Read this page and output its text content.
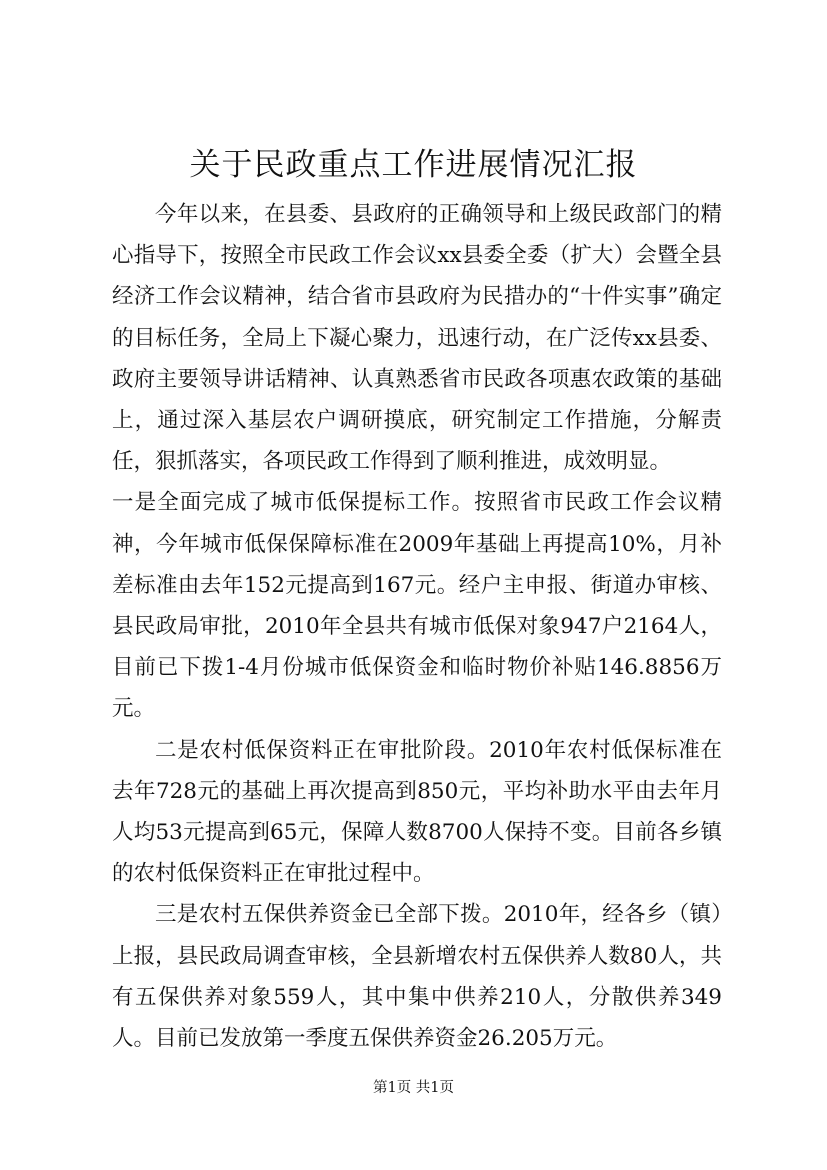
关于民政重点工作进展情况汇报

今年以来，在县委、县政府的正确领导和上级民政部门的精心指导下，按照全市民政工作会议xx县委全委（扩大）会暨全县经济工作会议精神，结合省市县政府为民措办的“十件实事”确定的目标任务，全局上下凝心聚力，迅速行动，在广泛传xx县委、政府主要领导讲话精神、认真熟悉省市民政各项惠农政策的基础上，通过深入基层农户调研摸底，研究制定工作措施，分解责任，狠抓落实，各项民政工作得到了顺利推进，成效明显。

一是全面完成了城市低保提标工作。按照省市民政工作会议精神，今年城市低保保障标准在2009年基础上再提高10%，月补差标准由去年152元提高到167元。经户主申报、街道办审核、县民政局审批，2010年全县共有城市低保对象947户2164人，目前已下拨1-4月份城市低保资金和临时物价补贴146.8856万元。

二是农村低保资料正在审批阶段。2010年农村低保标准在去年728元的基础上再次提高到850元，平均补助水平由去年月人均53元提高到65元，保障人数8700人保持不变。目前各乡镇的农村低保资料正在审批过程中。

三是农村五保供养资金已全部下拨。2010年，经各乡（镇）上报，县民政局调查审核，全县新增农村五保供养人数80人，共有五保供养对象559人，其中集中供养210人，分散供养349人。目前已发放第一季度五保供养资金26.205万元。

第1页 共1页
